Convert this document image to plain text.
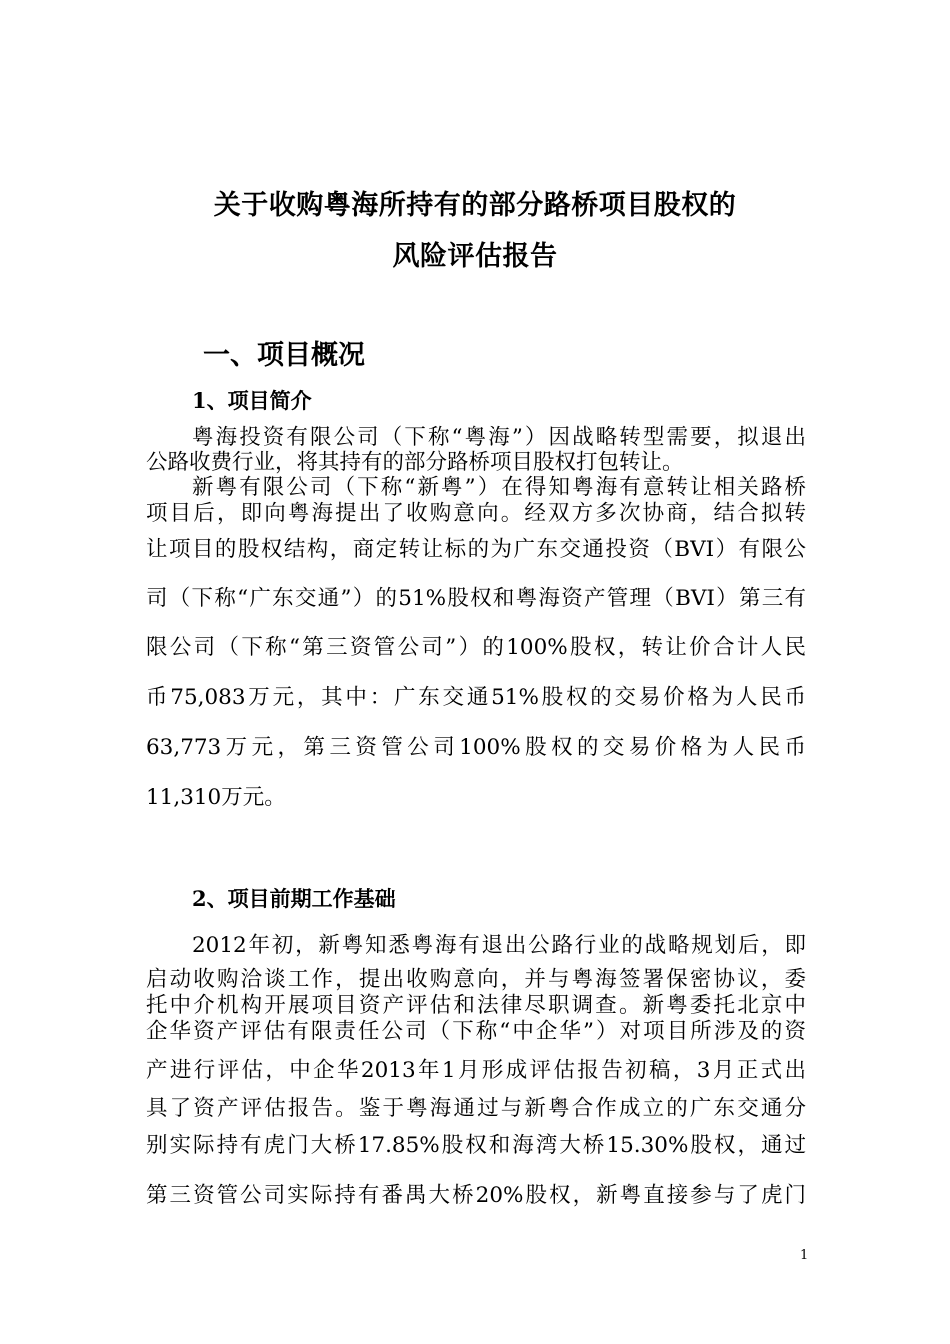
关于收购粤海所持有的部分路桥项目股权的
风险评估报告
一、项目概况
1、项目简介
粤海投资有限公司（下称“粤海”）因战略转型需要，拟退出
公路收费行业，将其持有的部分路桥项目股权打包转让。
新粤有限公司（下称“新粤”）在得知粤海有意转让相关路桥
项目后，即向粤海提出了收购意向。经双方多次协商，结合拟转
让项目的股权结构，商定转让标的为广东交通投资（BVI）有限公
司（下称“广东交通”）的51%股权和粤海资产管理（BVI）第三有
限公司（下称“第三资管公司”）的100%股权，转让价合计人民
币75,083万元，其中：广东交通51%股权的交易价格为人民币
63,773万元，第三资管公司100%股权的交易价格为人民币
11,310万元。
2、项目前期工作基础
2012年初，新粤知悉粤海有退出公路行业的战略规划后，即
启动收购洽谈工作，提出收购意向，并与粤海签署保密协议，委
托中介机构开展项目资产评估和法律尽职调查。新粤委托北京中
企华资产评估有限责任公司（下称“中企华”）对项目所涉及的资
产进行评估，中企华2013年1月形成评估报告初稿，3月正式出
具了资产评估报告。鉴于粤海通过与新粤合作成立的广东交通分
别实际持有虎门大桥17.85%股权和海湾大桥15.30%股权，通过
第三资管公司实际持有番禺大桥20%股权，新粤直接参与了虎门
1
